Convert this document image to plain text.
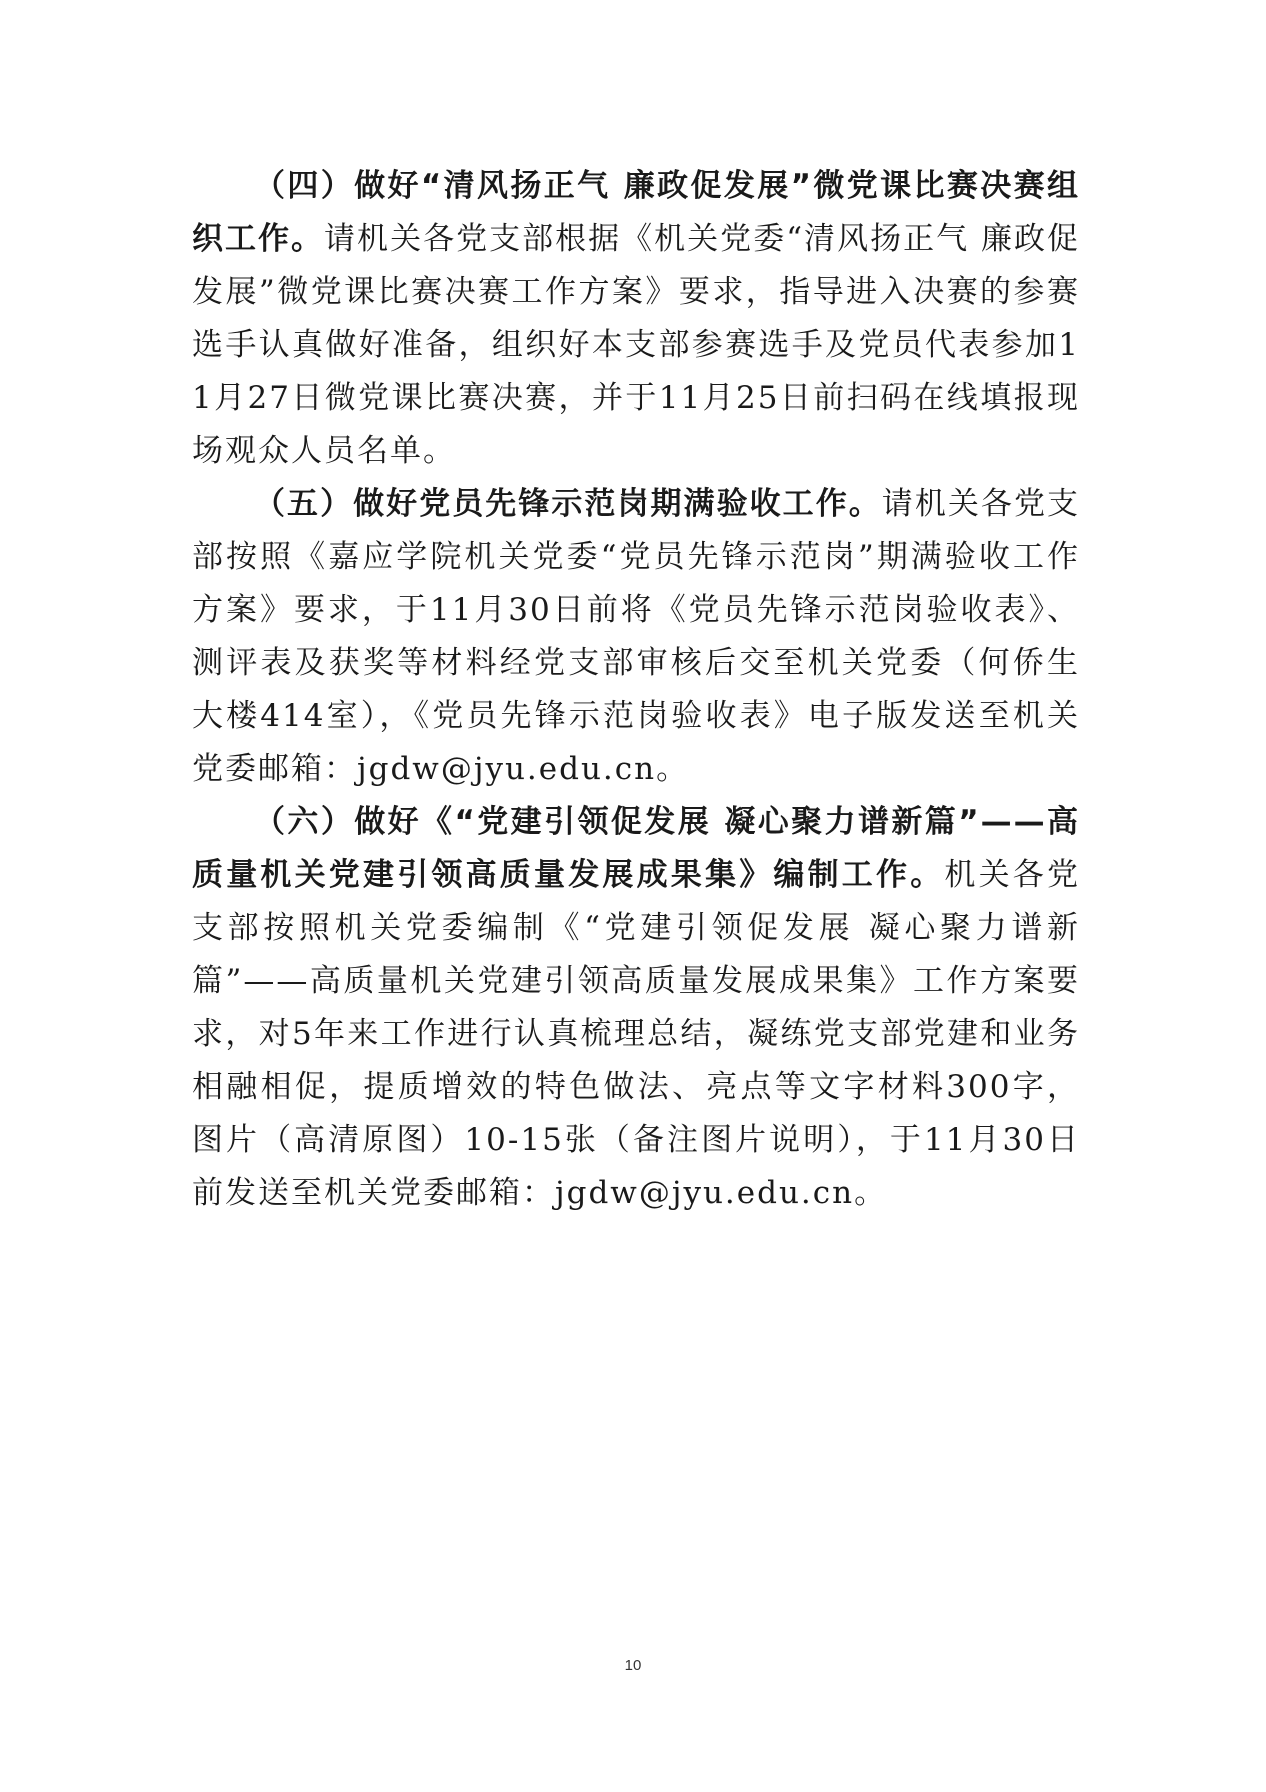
（四）做好“清风扬正气 廉政促发展”微党课比赛决赛组织工作。请机关各党支部根据《机关党委“清风扬正气 廉政促发展”微党课比赛决赛工作方案》要求，指导进入决赛的参赛选手认真做好准备，组织好本支部参赛选手及党员代表参加11月27日微党课比赛决赛，并于11月25日前扫码在线填报现场观众人员名单。

（五）做好党员先锋示范岗期满验收工作。请机关各党支部按照《嘉应学院机关党委“党员先锋示范岗”期满验收工作方案》要求，于11月30日前将《党员先锋示范岗验收表》、测评表及获奖等材料经党支部审核后交至机关党委（何侨生大楼414室），《党员先锋示范岗验收表》电子版发送至机关党委邮箱：jgdw@jyu.edu.cn。

（六）做好《“党建引领促发展 凝心聚力谱新篇”——高质量机关党建引领高质量发展成果集》编制工作。机关各党支部按照机关党委编制《“党建引领促发展 凝心聚力谱新篇”——高质量机关党建引领高质量发展成果集》工作方案要求，对5年来工作进行认真梳理总结，凝练党支部党建和业务相融相促，提质增效的特色做法、亮点等文字材料300字，图片（高清原图）10-15张（备注图片说明），于11月30日前发送至机关党委邮箱：jgdw@jyu.edu.cn。

10
